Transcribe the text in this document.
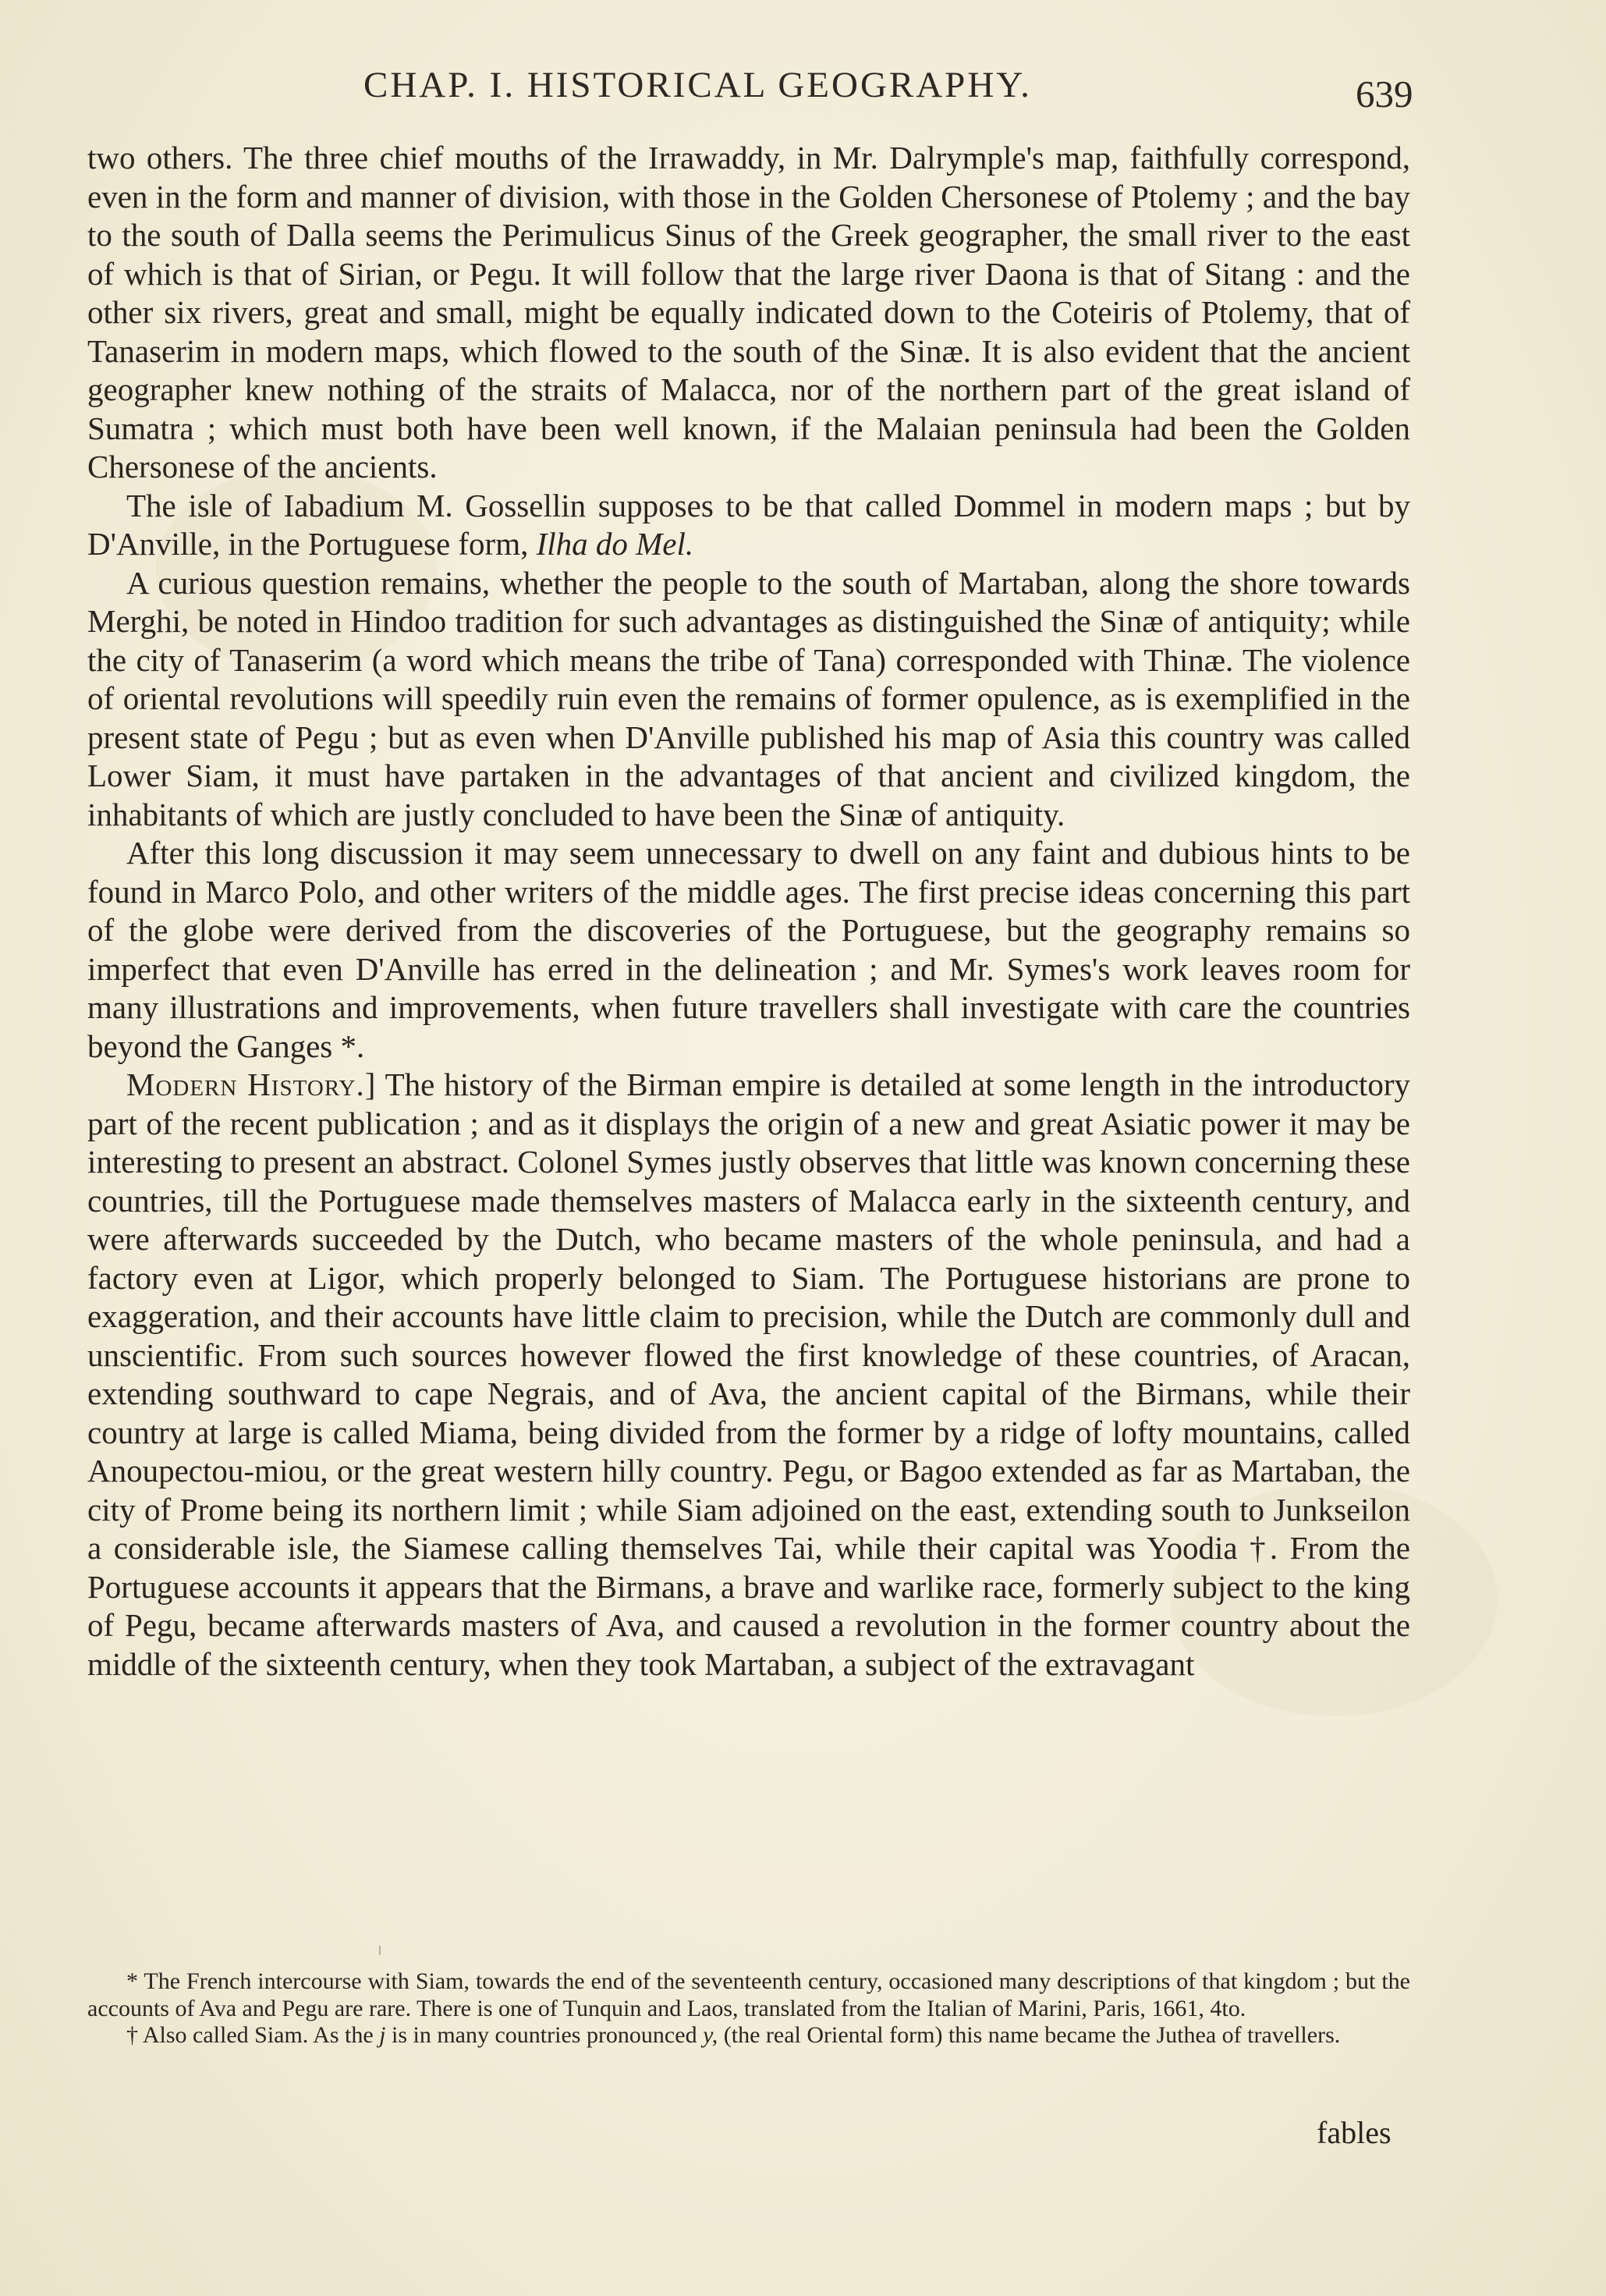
CHAP. I. HISTORICAL GEOGRAPHY.	639

two others. The three chief mouths of the Irrawaddy, in Mr. Dalrymple's map, faithfully correspond, even in the form and manner of division, with those in the Golden Chersonese of Ptolemy ; and the bay to the south of Dalla seems the Perimulicus Sinus of the Greek geographer, the small river to the east of which is that of Sirian, or Pegu. It will follow that the large river Daona is that of Sitang : and the other six rivers, great and small, might be equally indicated down to the Coteiris of Ptolemy, that of Tanaserim in modern maps, which flowed to the south of the Sinæ. It is also evident that the ancient geographer knew nothing of the straits of Malacca, nor of the northern part of the great island of Sumatra ; which must both have been well known, if the Malaian peninsula had been the Golden Chersonese of the ancients.

The isle of Iabadium M. Gossellin supposes to be that called Dommel in modern maps ; but by D'Anville, in the Portuguese form, Ilha do Mel.

A curious question remains, whether the people to the south of Martaban, along the shore towards Merghi, be noted in Hindoo tradition for such advantages as distinguished the Sinæ of antiquity; while the city of Tanaserim (a word which means the tribe of Tana) corresponded with Thinæ. The violence of oriental revolutions will speedily ruin even the remains of former opulence, as is exemplified in the present state of Pegu ; but as even when D'Anville published his map of Asia this country was called Lower Siam, it must have partaken in the advantages of that ancient and civilized kingdom, the inhabitants of which are justly concluded to have been the Sinæ of antiquity.

After this long discussion it may seem unnecessary to dwell on any faint and dubious hints to be found in Marco Polo, and other writers of the middle ages. The first precise ideas concerning this part of the globe were derived from the discoveries of the Portuguese, but the geography remains so imperfect that even D'Anville has erred in the delineation ; and Mr. Symes's work leaves room for many illustrations and improvements, when future travellers shall investigate with care the countries beyond the Ganges *.

Modern History.] The history of the Birman empire is detailed at some length in the introductory part of the recent publication ; and as it displays the origin of a new and great Asiatic power it may be interesting to present an abstract. Colonel Symes justly observes that little was known concerning these countries, till the Portuguese made themselves masters of Malacca early in the sixteenth century, and were afterwards succeeded by the Dutch, who became masters of the whole peninsula, and had a factory even at Ligor, which properly belonged to Siam. The Portuguese historians are prone to exaggeration, and their accounts have little claim to precision, while the Dutch are commonly dull and unscientific. From such sources however flowed the first knowledge of these countries, of Aracan, extending southward to cape Negrais, and of Ava, the ancient capital of the Birmans, while their country at large is called Miama, being divided from the former by a ridge of lofty mountains, called Anoupectou-miou, or the great western hilly country. Pegu, or Bagoo extended as far as Martaban, the city of Prome being its northern limit ; while Siam adjoined on the east, extending south to Junkseilon a considerable isle, the Siamese calling themselves Tai, while their capital was Yoodia †. From the Portuguese accounts it appears that the Birmans, a brave and warlike race, formerly subject to the king of Pegu, became afterwards masters of Ava, and caused a revolution in the former country about the middle of the sixteenth century, when they took Martaban, a subject of the extravagant

* The French intercourse with Siam, towards the end of the seventeenth century, occasioned many descriptions of that kingdom ; but the accounts of Ava and Pegu are rare. There is one of Tunquin and Laos, translated from the Italian of Marini, Paris, 1661, 4to.

† Also called Siam. As the j is in many countries pronounced y, (the real Oriental form) this name became the Juthea of travellers.

fables
